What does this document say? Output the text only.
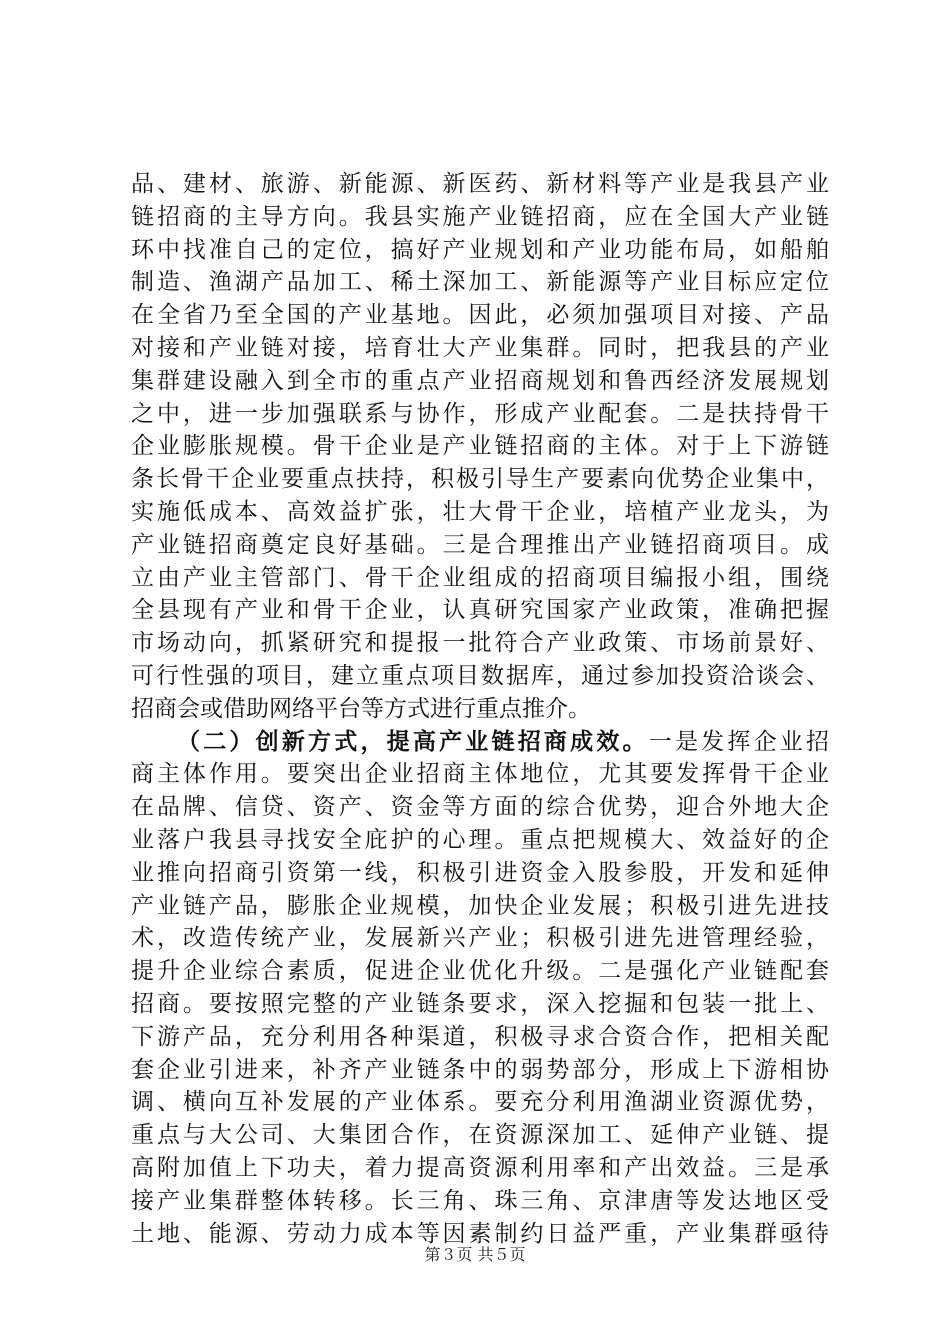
品、建材、旅游、新能源、新医药、新材料等产业是我县产业
链招商的主导方向。我县实施产业链招商，应在全国大产业链
环中找准自己的定位，搞好产业规划和产业功能布局，如船舶
制造、渔湖产品加工、稀土深加工、新能源等产业目标应定位
在全省乃至全国的产业基地。因此，必须加强项目对接、产品
对接和产业链对接，培育壮大产业集群。同时，把我县的产业
集群建设融入到全市的重点产业招商规划和鲁西经济发展规划
之中，进一步加强联系与协作，形成产业配套。二是扶持骨干
企业膨胀规模。骨干企业是产业链招商的主体。对于上下游链
条长骨干企业要重点扶持，积极引导生产要素向优势企业集中，
实施低成本、高效益扩张，壮大骨干企业，培植产业龙头，为
产业链招商奠定良好基础。三是合理推出产业链招商项目。成
立由产业主管部门、骨干企业组成的招商项目编报小组，围绕
全县现有产业和骨干企业，认真研究国家产业政策，准确把握
市场动向，抓紧研究和提报一批符合产业政策、市场前景好、
可行性强的项目，建立重点项目数据库，通过参加投资洽谈会、
招商会或借助网络平台等方式进行重点推介。
（二）创新方式，提高产业链招商成效。一是发挥企业招
商主体作用。要突出企业招商主体地位，尤其要发挥骨干企业
在品牌、信贷、资产、资金等方面的综合优势，迎合外地大企
业落户我县寻找安全庇护的心理。重点把规模大、效益好的企
业推向招商引资第一线，积极引进资金入股参股，开发和延伸
产业链产品，膨胀企业规模，加快企业发展；积极引进先进技
术，改造传统产业，发展新兴产业；积极引进先进管理经验，
提升企业综合素质，促进企业优化升级。二是强化产业链配套
招商。要按照完整的产业链条要求，深入挖掘和包装一批上、
下游产品，充分利用各种渠道，积极寻求合资合作，把相关配
套企业引进来，补齐产业链条中的弱势部分，形成上下游相协
调、横向互补发展的产业体系。要充分利用渔湖业资源优势，
重点与大公司、大集团合作，在资源深加工、延伸产业链、提
高附加值上下功夫，着力提高资源利用率和产出效益。三是承
接产业集群整体转移。长三角、珠三角、京津唐等发达地区受
土地、能源、劳动力成本等因素制约日益严重，产业集群亟待
第３页 共５页
